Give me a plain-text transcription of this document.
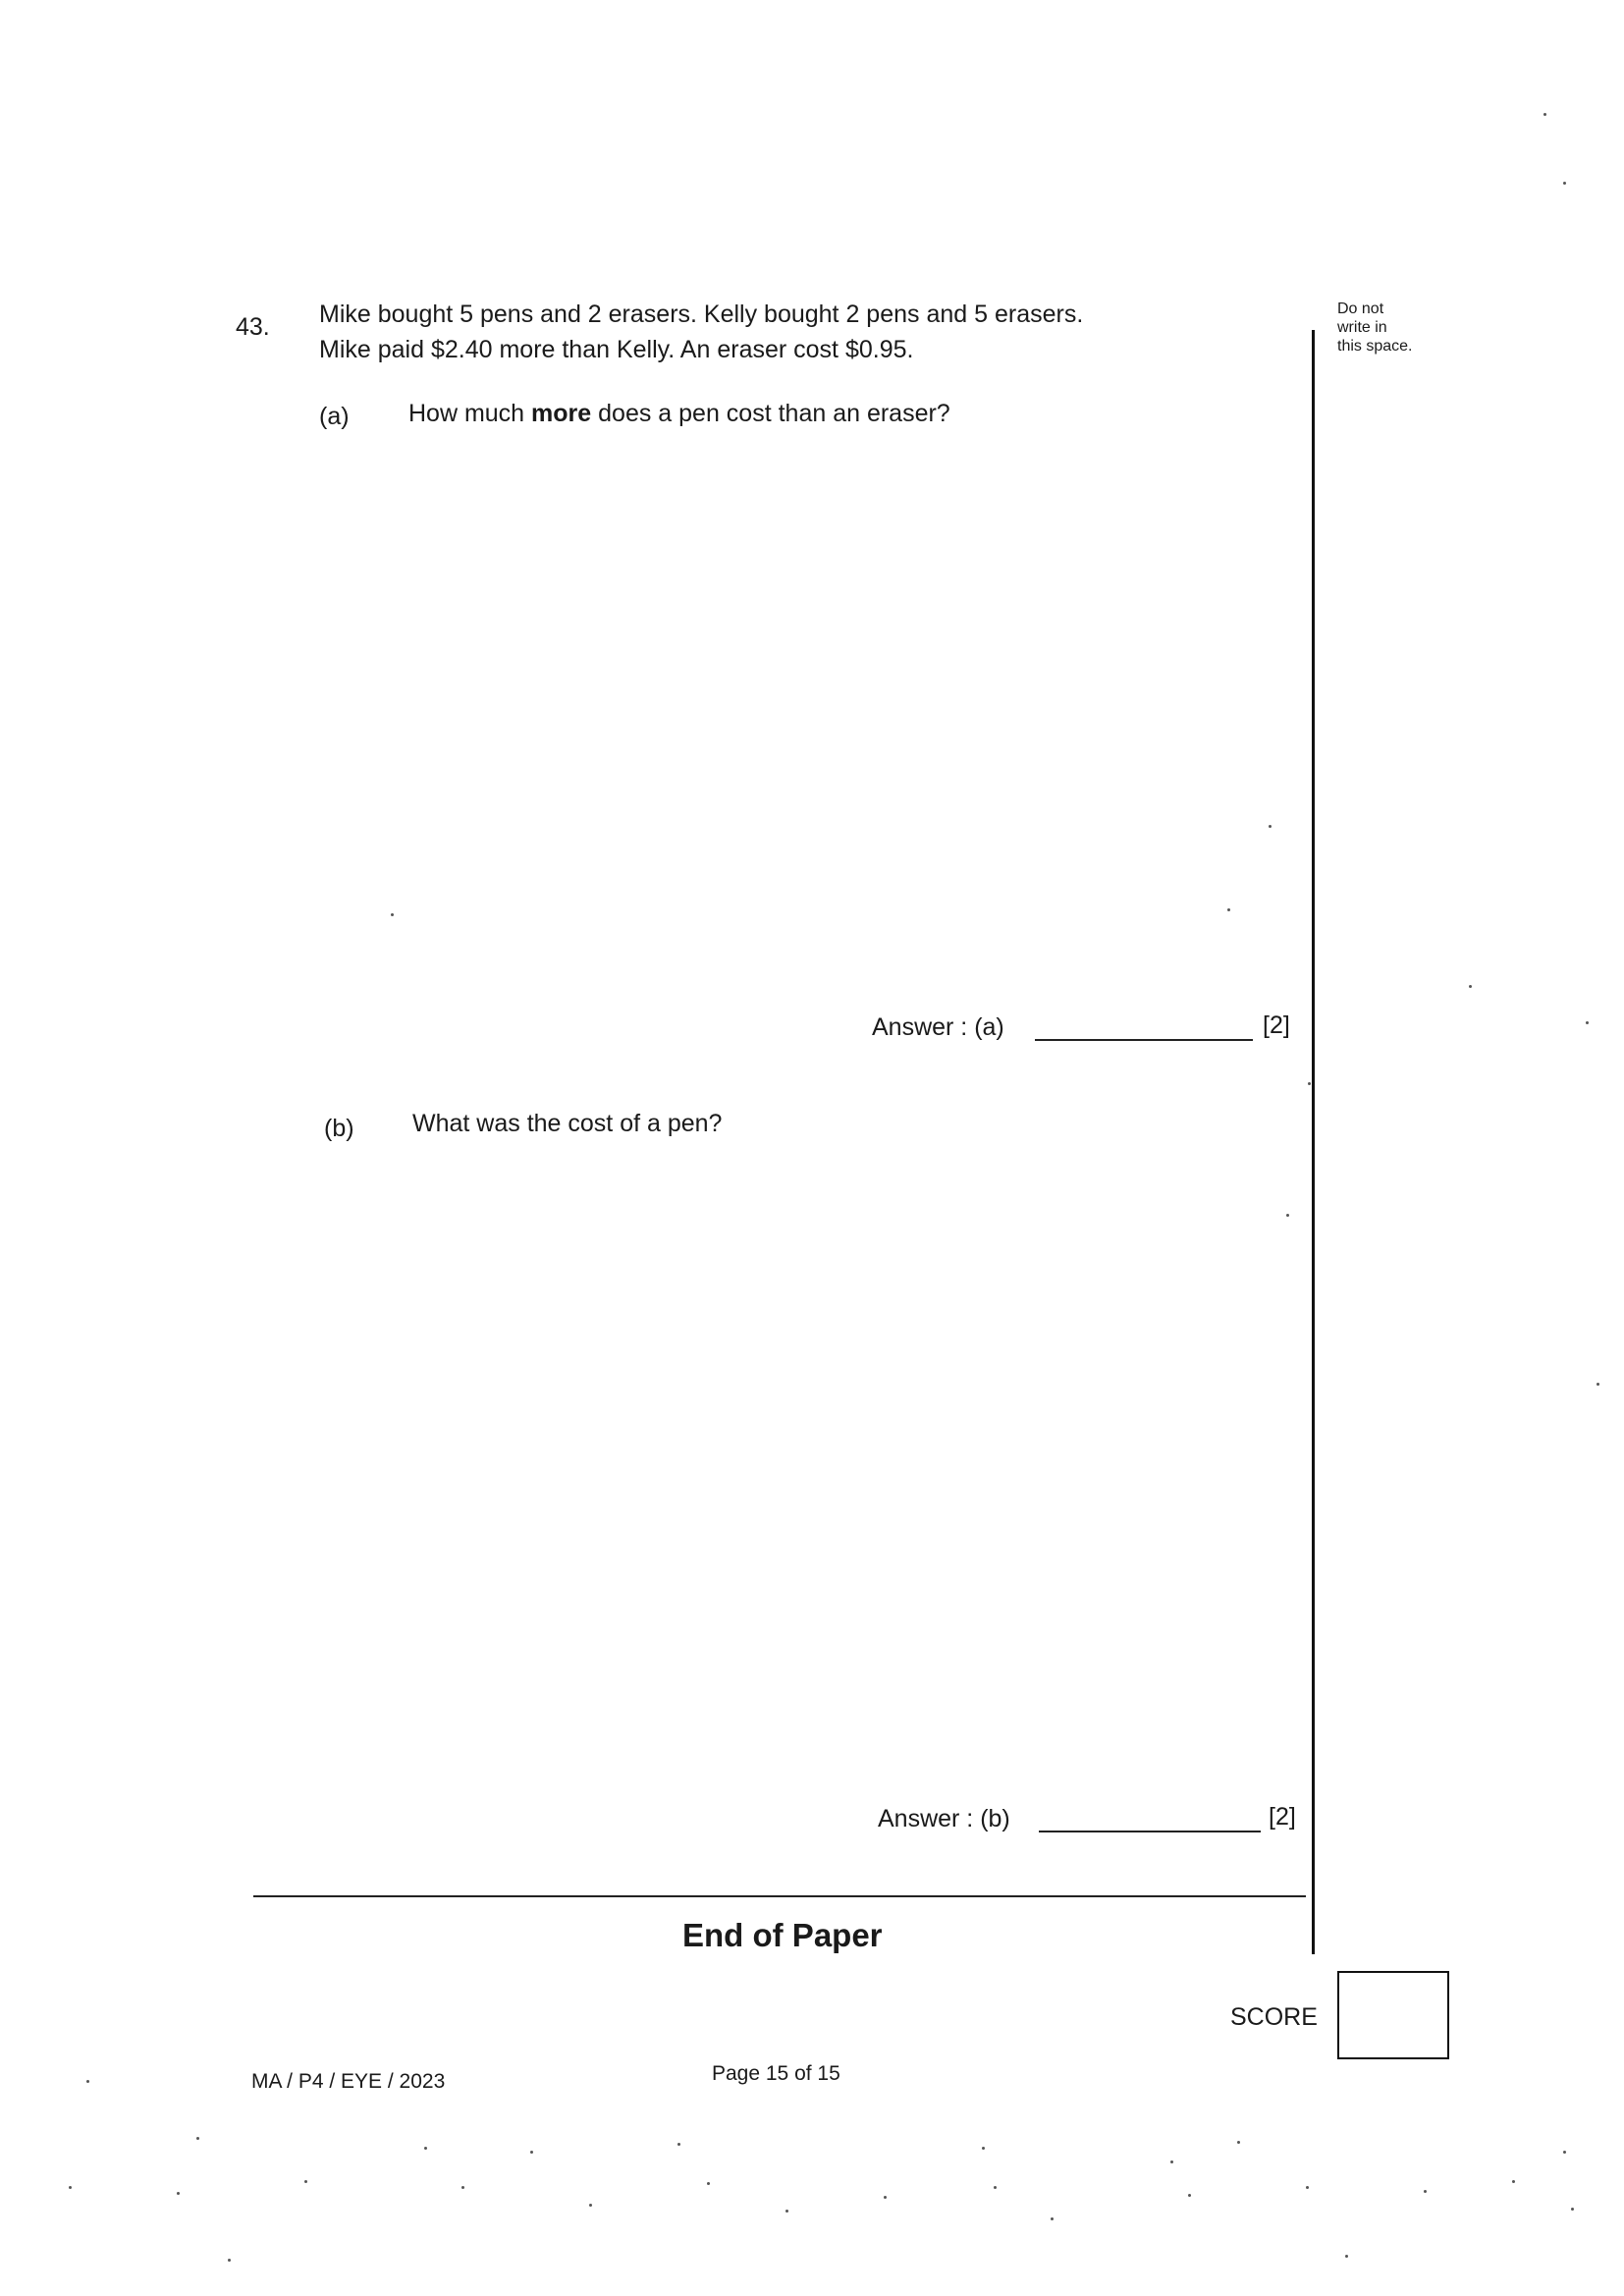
43. Mike bought 5 pens and 2 erasers. Kelly bought 2 pens and 5 erasers.
Mike paid $2.40 more than Kelly. An eraser cost $0.95.
(a) How much more does a pen cost than an eraser?
Answer : (a)	[2]
(b) What was the cost of a pen?
Answer : (b)	[2]
Do not
write in
this space.
End of Paper
SCORE
MA / P4 / EYE / 2023	Page 15 of 15
